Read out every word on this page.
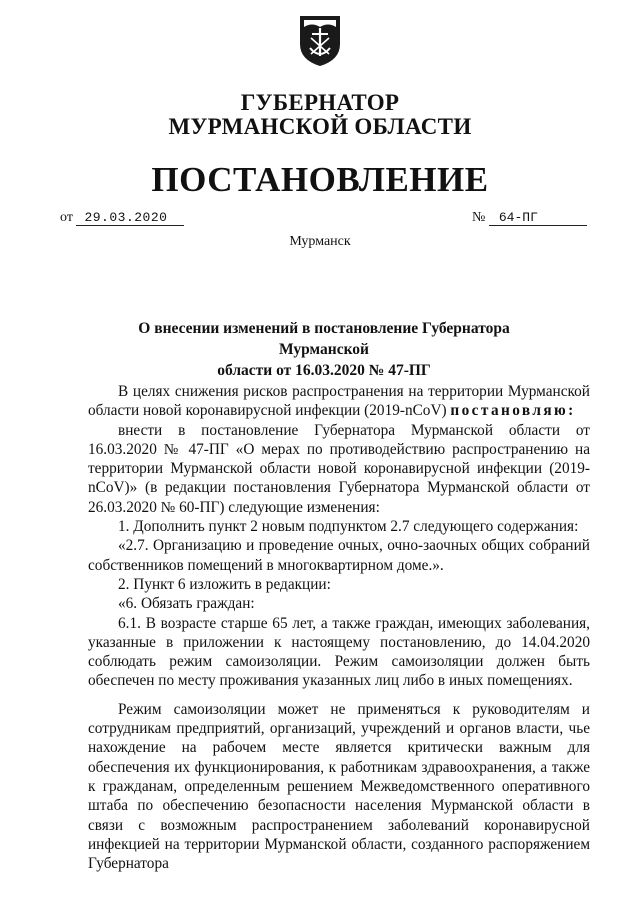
ГУБЕРНАТОР
МУРМАНСКОЙ ОБЛАСТИ
ПОСТАНОВЛЕНИЕ
от 29.03.2020	№ 64-ПГ
Мурманск
О внесении изменений в постановление Губернатора Мурманской
области от 16.03.2020 № 47-ПГ

В целях снижения рисков распространения на территории Мурманской области новой коронавирусной инфекции (2019-nCoV) постановляю:

внести в постановление Губернатора Мурманской области от 16.03.2020 № 47-ПГ «О мерах по противодействию распространению на территории Мурманской области новой коронавирусной инфекции (2019-nCoV)» (в редакции постановления Губернатора Мурманской области от 26.03.2020 № 60-ПГ) следующие изменения:

1. Дополнить пункт 2 новым подпунктом 2.7 следующего содержания:

«2.7. Организацию и проведение очных, очно-заочных общих собраний собственников помещений в многоквартирном доме.».

2. Пункт 6 изложить в редакции:

«6. Обязать граждан:

6.1. В возрасте старше 65 лет, а также граждан, имеющих заболевания, указанные в приложении к настоящему постановлению, до 14.04.2020 соблюдать режим самоизоляции. Режим самоизоляции должен быть обеспечен по месту проживания указанных лиц либо в иных помещениях.

Режим самоизоляции может не применяться к руководителям и сотрудникам предприятий, организаций, учреждений и органов власти, чье нахождение на рабочем месте является критически важным для обеспечения их функционирования, к работникам здравоохранения, а также к гражданам, определенным решением Межведомственного оперативного штаба по обеспечению безопасности населения Мурманской области в связи с возможным распространением заболеваний коронавирусной инфекцией на территории Мурманской области, созданного распоряжением Губернатора
